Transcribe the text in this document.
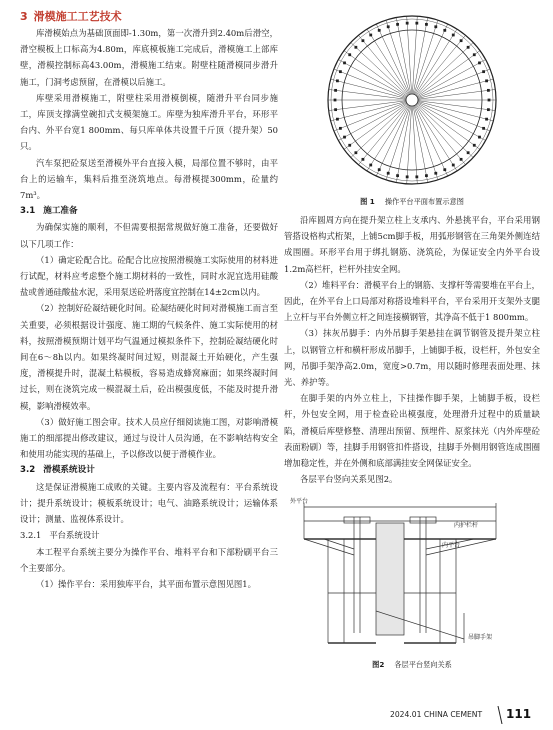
3 滑模施工工艺技术

库滑模始点为基础顶面即-1.30m，第一次滑升到2.40m后滑空，滑空模板上口标高为4.80m，库底模板施工完成后，滑模施工上部库壁，滑模控制标高43.00m，滑模施工结束。附壁柱随滑模同步滑升施工，门洞考虑预留，在滑模以后施工。

库壁采用滑模施工，附壁柱采用滑模倒模，随滑升平台同步施工，库顶支撑满堂碗扣式支模架施工。库壁为独库滑升平台，环形平台内、外平台宽1 800mm、每只库单体共设置千斤顶（提升架）50只。

汽车泵把砼泵送至滑模外平台直接入模，局部位置不够时，由平台上的运输车，集料后推至浇筑地点。每滑模提300mm，砼量约7m³。

3.1 施工准备

为确保实施的顺利，不但需要根据常规做好施工准备，还要做好以下几项工作：

（1）确定砼配合比。砼配合比应按照滑模施工实际使用的材料进行试配，材料应考虑整个施工期材料的一致性，同时水泥宜选用硅酸盐或普通硅酸盐水泥，采用泵送砼坍落度宜控制在14±2cm以内。

（2）控制好砼凝结硬化时间。砼凝结硬化时间对滑模施工而言至关重要，必须根据设计强度、施工期的气候条件、施工实际使用的材料，按照滑模预期计划平均气温通过模拟条件下，控制砼凝结硬化时间在6～8h以内。如果终凝时间过短，则混凝土开始硬化，产生强度，滑模提升时，混凝土粘模板，容易造成蜂窝麻面；如果终凝时间过长，则在浇筑完成一模混凝土后，砼出模强度低，不能及时提升滑模，影响滑模效率。

（3）做好施工图会审。技术人员应仔细阅读施工图，对影响滑模施工的细部提出修改建议，通过与设计人员沟通，在不影响结构安全和使用功能实现的基础上，予以修改以便于滑模作业。

3.2 滑模系统设计

这是保证滑模施工成败的关键。主要内容及流程有：平台系统设计；提升系统设计；模板系统设计；电气、油路系统设计；运输体系设计；测量、监视体系设计。

3.2.1 平台系统设计

本工程平台系统主要分为操作平台、堆料平台和下部粉刷平台三个主要部分。

（1）操作平台：采用独库平台，其平面布置示意图见图1。

图 1 操作平台平面布置示意图

沿库圆周方向在提升架立柱上支承内、外悬挑平台，平台采用钢管搭设格构式桁架，上铺5cm脚手板，用弧形钢管在三角架外侧连结成围圈。环形平台用于绑扎钢筋、浇筑砼，为保证安全内外平台设1.2m高栏杆，栏杆外挂安全网。

（2）堆料平台：滑模平台上的钢筋、支撑杆等需要堆在平台上，因此，在外平台上口局部对称搭设堆料平台，平台采用开支架外支腿上立杆与平台外侧立杆之间连接横钢管，其净高不低于1 800mm。

（3）抹灰吊脚手：内外吊脚手架悬挂在调节钢管及提升架立柱上，以钢管立杆和横杆形成吊脚手，上铺脚手板，设栏杆，外包安全网，吊脚手架净高2.0m，宽度>0.7m，用以随时修理表面处理、抹光、养护等。

在脚手架的内外立柱上，下挂操作脚手架，上铺脚手板，设栏杆，外包安全网，用于检查砼出模强度，处理滑升过程中的质量缺陷，滑模后库壁修整、清理出预留、预埋件、原浆抹光（内外库壁砼表面粉刷）等，挂脚手用钢管扣件搭设，挂脚手外侧用钢管连成围圈增加稳定性，并在外侧和底部满挂安全网保证安全。

各层平台竖向关系见图2。

外平台
内护栏杆
内平台
吊脚手架
图2 各层平台竖向关系
2024.01 CHINA CEMENT 111
